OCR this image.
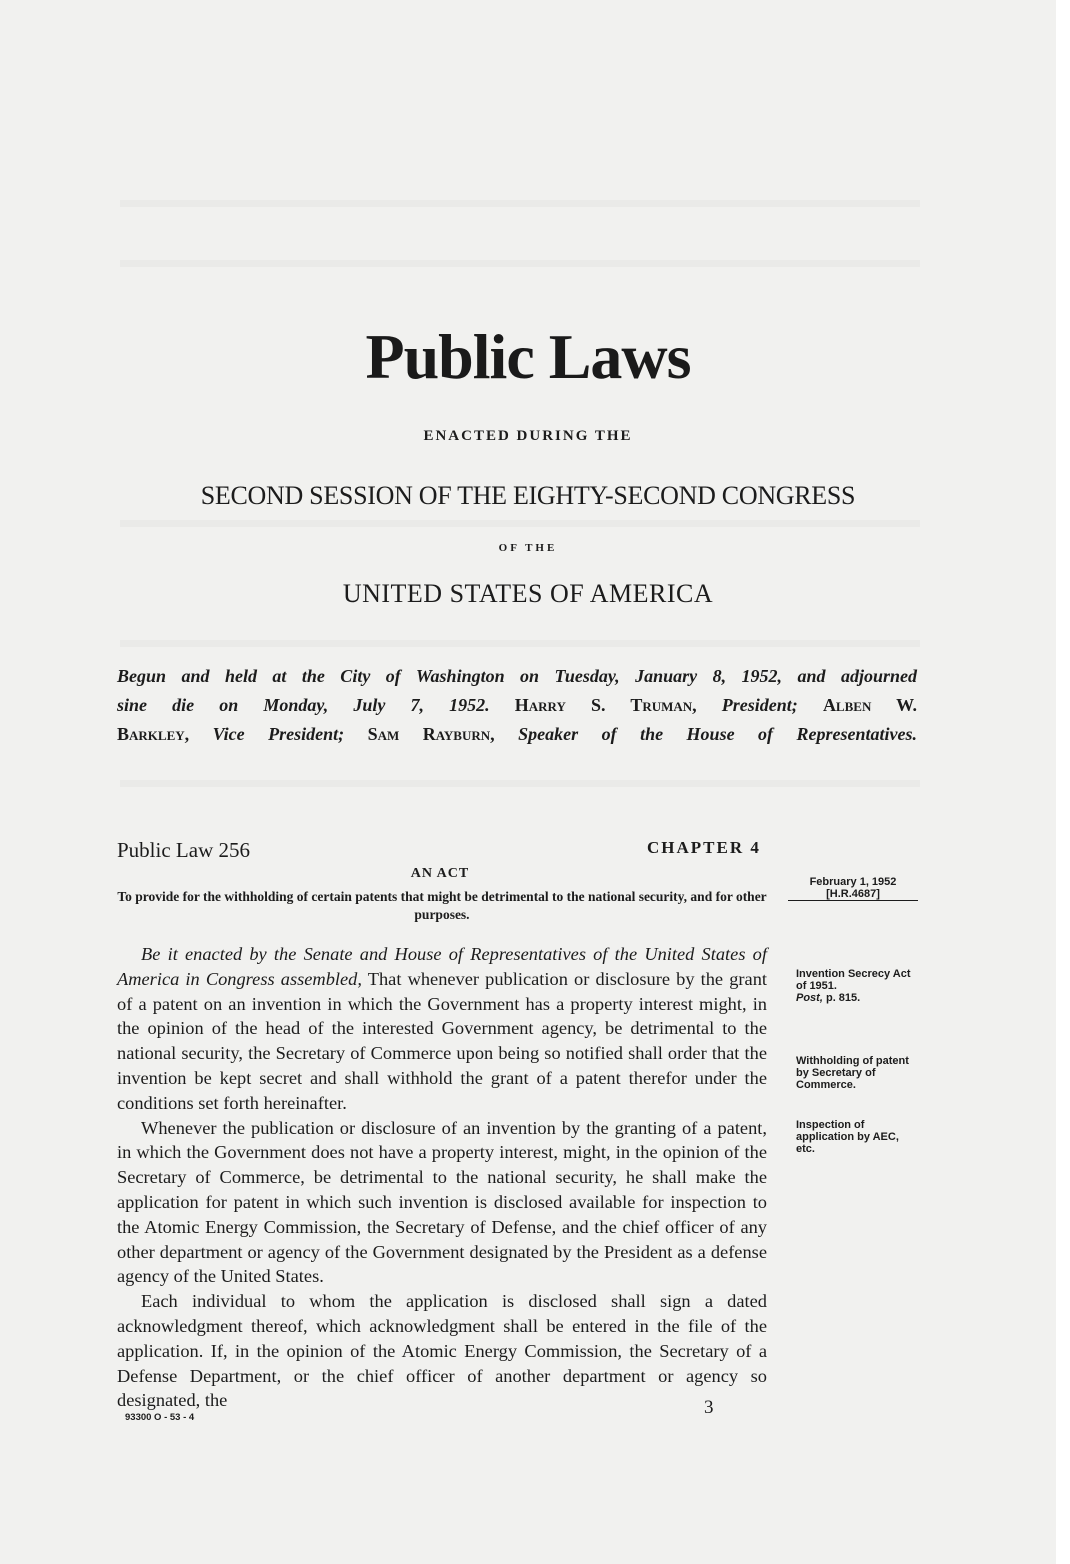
Public Laws
ENACTED DURING THE
SECOND SESSION OF THE EIGHTY-SECOND CONGRESS
OF THE
UNITED STATES OF AMERICA
Begun and held at the City of Washington on Tuesday, January 8, 1952, and adjourned
sine die on Monday, July 7, 1952. Harry S. Truman, President; Alben W.
Barkley, Vice President; Sam Rayburn, Speaker of the House of Representatives.
Public Law 256	CHAPTER 4
AN ACT
To provide for the withholding of certain patents that might be detrimental to the national security, and for other purposes.
February 1, 1952
[H.R.4687]
Invention Secrecy Act of 1951.
Post, p. 815.
Withholding of patent by Secretary of Commerce.
Inspection of application by AEC, etc.

Be it enacted by the Senate and House of Representatives of the United States of America in Congress assembled, That whenever publication or disclosure by the grant of a patent on an invention in which the Government has a property interest might, in the opinion of the head of the interested Government agency, be detrimental to the national security, the Secretary of Commerce upon being so notified shall order that the invention be kept secret and shall withhold the grant of a patent therefor under the conditions set forth hereinafter.

Whenever the publication or disclosure of an invention by the granting of a patent, in which the Government does not have a property interest, might, in the opinion of the Secretary of Commerce, be detrimental to the national security, he shall make the application for patent in which such invention is disclosed available for inspection to the Atomic Energy Commission, the Secretary of Defense, and the chief officer of any other department or agency of the Government designated by the President as a defense agency of the United States.

Each individual to whom the application is disclosed shall sign a dated acknowledgment thereof, which acknowledgment shall be entered in the file of the application. If, in the opinion of the Atomic Energy Commission, the Secretary of a Defense Department, or the chief officer of another department or agency so designated, the

93300 O - 53 - 4	3
